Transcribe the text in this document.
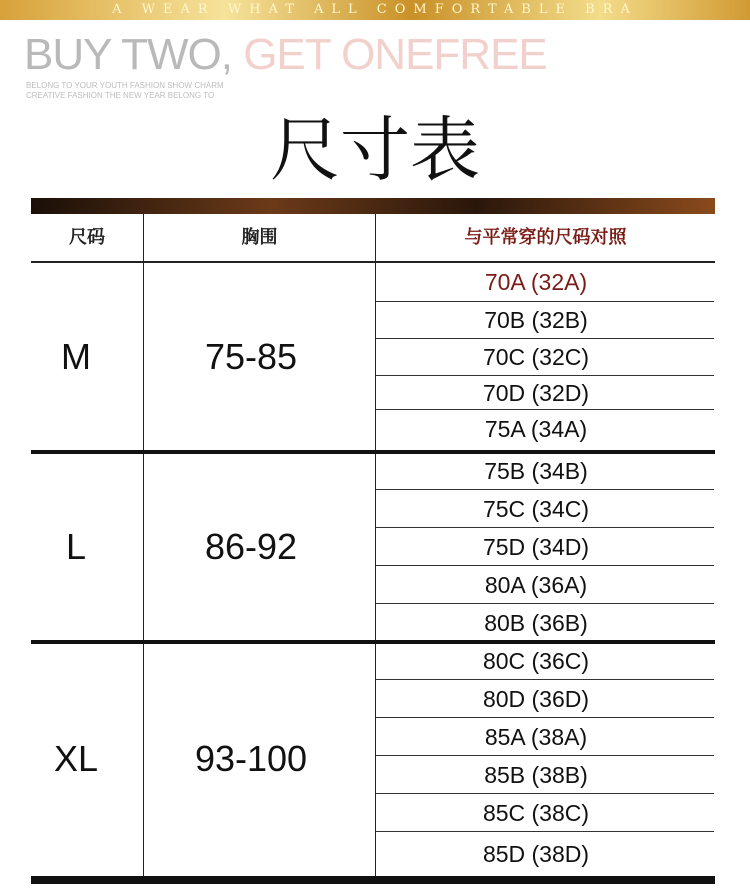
A WEAR WHAT ALL COMFORTABLE BRA
BUY TWO, GET ONEFREE
BELONG TO YOUR YOUTH FASHION SHOW CHARM
CREATIVE FASHION THE NEW YEAR BELONG TO
尺寸表
尺码	胸围	与平常穿的尺码对照
M	75-85
70A (32A)
70B (32B)
70C (32C)
70D (32D)
75A (34A)
L	86-92
75B (34B)
75C (34C)
75D (34D)
80A (36A)
80B (36B)
XL	93-100
80C (36C)
80D (36D)
85A (38A)
85B (38B)
85C (38C)
85D (38D)
